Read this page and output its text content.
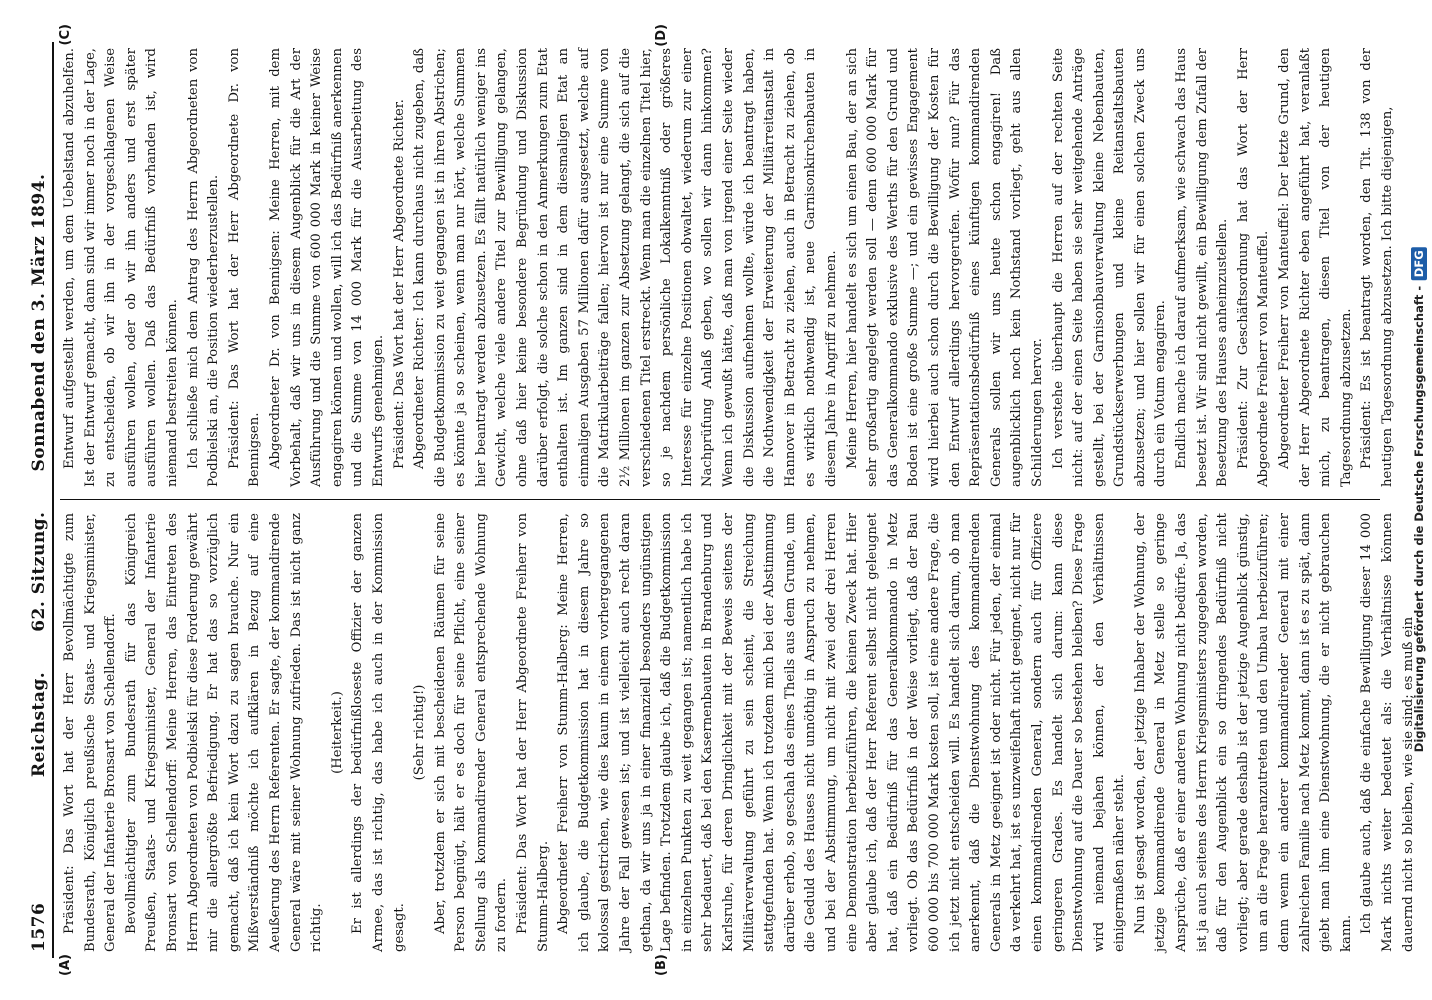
1576
Reichstag.
62. Sitzung.
Sonnabend den 3. März 1894.
(A)	(B)
(C)	(D)

Präsident: Das Wort hat der Herr Bevollmächtigte zum Bundesrath, Königlich preußische Staats- und Kriegsminister, General der Infanterie Bronsart von Schellendorff. Bevollmächtigter zum Bundesrath für das Königreich Preußen, Staats- und Kriegsminister, General der Infanterie Bronsart von Schellendorff: Meine Herren, das Eintreten des Herrn Abgeordneten von Podbielski für diese Forderung gewährt mir die allergrößte Befriedigung. Er hat das so vorzüglich gemacht, daß ich kein Wort dazu zu sagen brauche. Nur ein Mißverständniß möchte ich aufklären in Bezug auf eine Aeußerung des Herrn Referenten. Er sagte, der kommandirende General wäre mit seiner Wohnung zufrieden. Das ist nicht ganz richtig.

(Heiterkeit.) Er ist allerdings der bedürfnißloseste Offizier der ganzen Armee, das ist richtig, das habe ich auch in der Kommission gesagt.

(Sehr richtig!) Aber, trotzdem er sich mit bescheidenen Räumen für seine Person begnügt, hält er es doch für seine Pflicht, eine seiner Stellung als kommandirender General entsprechende Wohnung zu fordern. Präsident: Das Wort hat der Herr Abgeordnete Freiherr von Stumm-Halberg. Abgeordneter Freiherr von Stumm-Halberg: Meine Herren, ich glaube, die Budgetkommission hat in diesem Jahre so kolossal gestrichen, wie dies kaum in einem vorhergegangenen Jahre der Fall gewesen ist; und ist vielleicht auch recht daran gethan, da wir uns ja in einer finanziell besonders ungünstigen Lage befinden. Trotzdem glaube ich, daß die Budgetkommission in einzelnen Punkten zu weit gegangen ist; namentlich habe ich sehr bedauert, daß bei den Kasernenbauten in Brandenburg und Karlsruhe, für deren Dringlichkeit mit der Beweis seitens der Militärverwaltung geführt zu sein scheint, die Streichung stattgefunden hat. Wenn ich trotzdem mich bei der Abstimmung darüber erhob, so geschah das eines Theils aus dem Grunde, um die Geduld des Hauses nicht unnöthig in Anspruch zu nehmen, und bei der Abstimmung, um nicht mit zwei oder drei Herren eine Demonstration herbeizuführen, die keinen Zweck hat. Hier aber glaube ich, daß der Herr Referent selbst nicht geleugnet hat, daß ein Bedürfniß für das Generalkommando in Metz vorliegt. Ob das Bedürfniß in der Weise vorliegt, daß der Bau 600 000 bis 700 000 Mark kosten soll, ist eine andere Frage, die ich jetzt nicht entscheiden will. Es handelt sich darum, ob man anerkennt, daß die Dienstwohnung des kommandirenden Generals in Metz geeignet ist oder nicht. Für jeden, der einmal da verkehrt hat, ist es unzweifelhaft nicht geeignet, nicht nur für einen kommandirenden General, sondern auch für Offiziere geringeren Grades. Es handelt sich darum: kann diese Dienstwohnung auf die Dauer so bestehen bleiben? Diese Frage wird niemand bejahen können, der den Verhältnissen einigermaßen näher steht. Nun ist gesagt worden, der jetzige Inhaber der Wohnung, der jetzige kommandirende General in Metz stelle so geringe Ansprüche, daß er einer anderen Wohnung nicht bedürfe. Ja, das ist ja auch seitens des Herrn Kriegsministers zugegeben worden, daß für den Augenblick ein so dringendes Bedürfniß nicht vorliegt; aber gerade deshalb ist der jetzige Augenblick günstig, um an die Frage heranzutreten und den Umbau herbeizuführen; denn wenn ein anderer kommandirender General mit einer zahlreichen Familie nach Metz kommt, dann ist es zu spät, dann giebt man ihm eine Dienstwohnung, die er nicht gebrauchen kann. Ich glaube auch, daß die einfache Bewilligung dieser 14 000 Mark nichts weiter bedeutet als: die Verhältnisse können dauernd nicht so bleiben, wie sie sind; es muß ein

Entwurf aufgestellt werden, um dem Uebelstand abzuhelfen. Ist der Entwurf gemacht, dann sind wir immer noch in der Lage, zu entscheiden, ob wir ihn in der vorgeschlagenen Weise ausführen wollen, oder ob wir ihn anders und erst später ausführen wollen. Daß das Bedürfniß vorhanden ist, wird niemand bestreiten können. Ich schließe mich dem Antrag des Herrn Abgeordneten von Podbielski an, die Position wiederherzustellen. Präsident: Das Wort hat der Herr Abgeordnete Dr. von Bennigsen. Abgeordneter Dr. von Bennigsen: Meine Herren, mit dem Vorbehalt, daß wir uns in diesem Augenblick für die Art der Ausführung und die Summe von 600 000 Mark in keiner Weise engagiren können und wollen, will ich das Bedürfniß anerkennen und die Summe von 14 000 Mark für die Ausarbeitung des Entwurfs genehmigen. Präsident: Das Wort hat der Herr Abgeordnete Richter. Abgeordneter Richter: Ich kann durchaus nicht zugeben, daß die Budgetkommission zu weit gegangen ist in ihren Abstrichen; es könnte ja so scheinen, wenn man nur hört, welche Summen hier beantragt werden abzusetzen. Es fällt natürlich weniger ins Gewicht, welche viele andere Titel zur Bewilligung gelangen, ohne daß hier keine besondere Begründung und Diskussion darüber erfolgt, die solche schon in den Anmerkungen zum Etat enthalten ist. Im ganzen sind in dem diesmaligen Etat an einmaligen Ausgaben 57 Millionen dafür ausgesetzt, welche auf die Matrikularbeiträge fallen; hiervon ist nur eine Summe von 2½ Millionen im ganzen zur Absetzung gelangt, die sich auf die verschiedenen Titel erstreckt. Wenn man die einzelnen Titel hier, so je nachdem persönliche Lokalkenntniß oder größeres Interesse für einzelne Positionen obwaltet, wiederum zur einer Nachprüfung Anlaß geben, wo sollen wir dann hinkommen? Wenn ich gewußt hätte, daß man von irgend einer Seite wieder die Diskussion aufnehmen wollte, würde ich beantragt haben, die Nothwendigkeit der Erweiterung der Militärreitanstalt in Hannover in Betracht zu ziehen, auch in Betracht zu ziehen, ob es wirklich nothwendig ist, neue Garnisonkirchenbauten in diesem Jahre in Angriff zu nehmen. Meine Herren, hier handelt es sich um einen Bau, der an sich sehr großartig angelegt werden soll — denn 600 000 Mark für das Generalkommando exklusive des Werths für den Grund und Boden ist eine große Summe —; und ein gewisses Engagement wird hierbei auch schon durch die Bewilligung der Kosten für den Entwurf allerdings hervorgerufen. Wofür nun? Für das Repräsentationsbedürfniß eines künftigen kommandirenden Generals sollen wir uns heute schon engagiren! Daß augenblicklich noch kein Nothstand vorliegt, geht aus allen Schilderungen hervor. Ich verstehe überhaupt die Herren auf der rechten Seite nicht: auf der einen Seite haben sie sehr weitgehende Anträge gestellt, bei der Garnisonbauverwaltung kleine Nebenbauten, Grundstückserwerbungen und kleine Reitanstaltsbauten abzusetzen; und hier sollen wir für einen solchen Zweck uns durch ein Votum engagiren. Endlich mache ich darauf aufmerksam, wie schwach das Haus besetzt ist. Wir sind nicht gewillt, ein Bewilligung dem Zufall der Besetzung des Hauses anheimzustellen. Präsident: Zur Geschäftsordnung hat das Wort der Herr Abgeordnete Freiherr von Manteuffel. Abgeordneter Freiherr von Manteuffel: Der letzte Grund, den der Herr Abgeordnete Richter eben angeführt hat, veranlaßt mich, zu beantragen, diesen Titel von der heutigen Tagesordnung abzusetzen. Präsident: Es ist beantragt worden, den Tit. 138 von der heutigen Tagesordnung abzusetzen. Ich bitte diejenigen,	Digitalisierung gefördert durch die Deutsche Forschungsgemeinschaft - DFG
